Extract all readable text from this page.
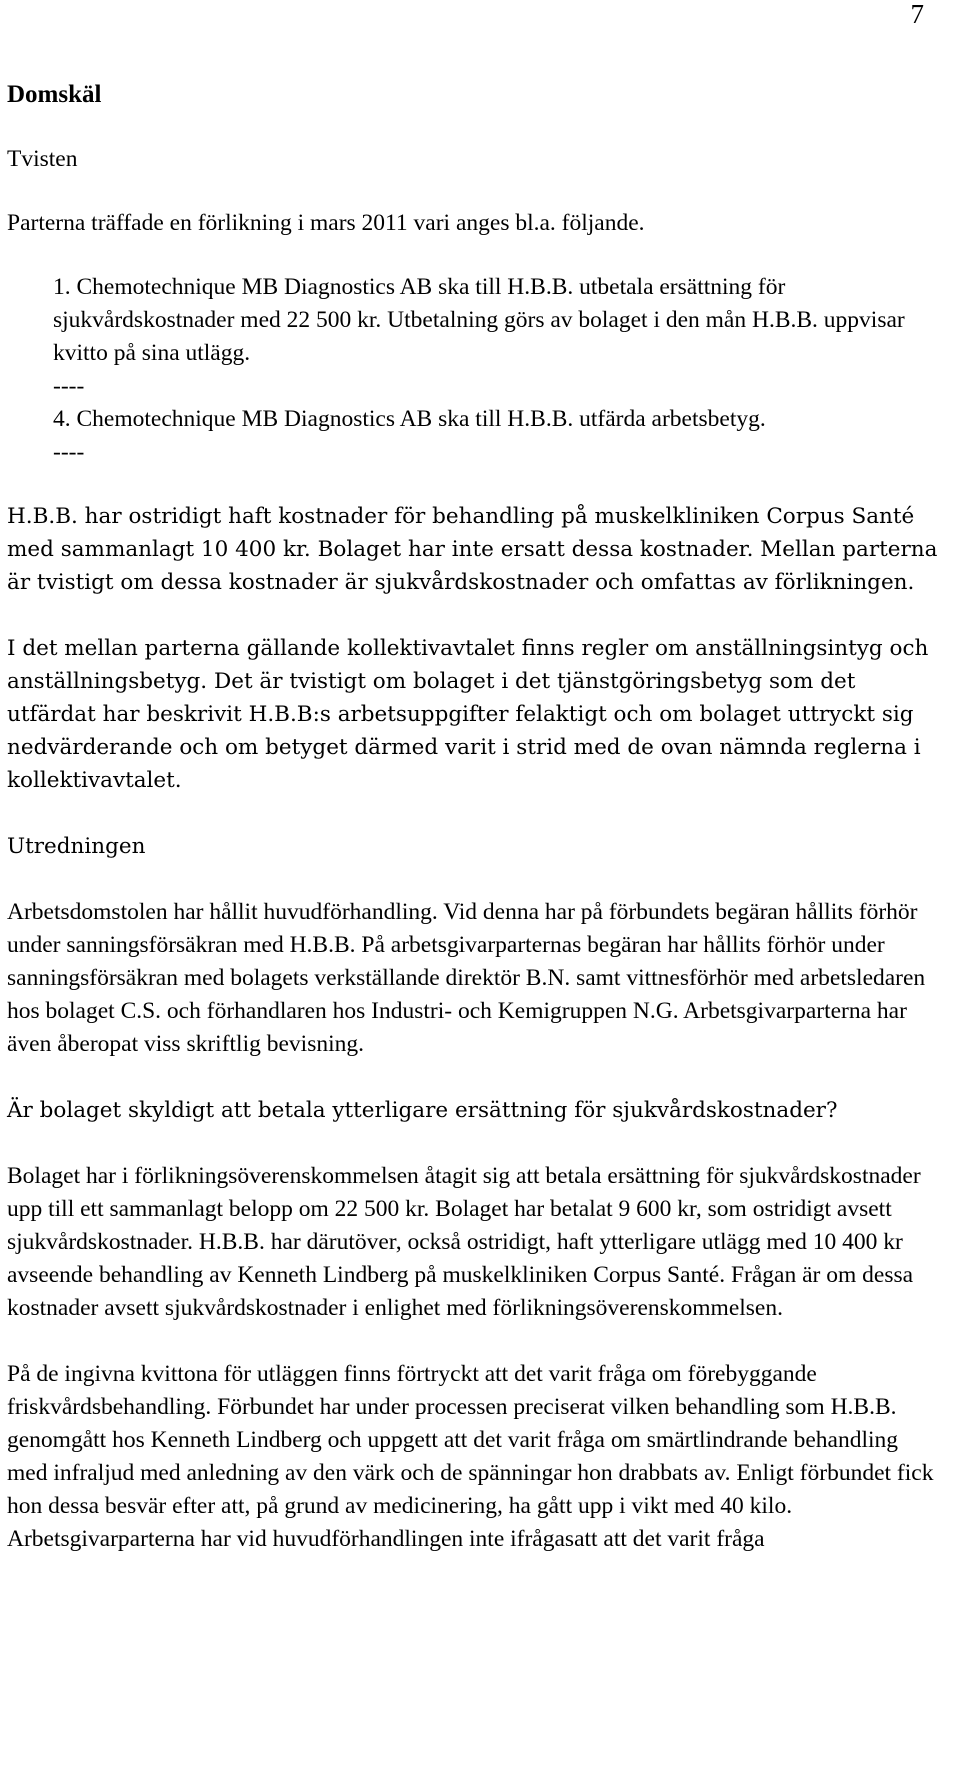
7

Domskäl

Tvisten

Parterna träffade en förlikning i mars 2011 vari anges bl.a. följande.

1. Chemotechnique MB Diagnostics AB ska till H.B.B. utbetala ersättning för sjukvårdskostnader med 22 500 kr. Utbetalning görs av bolaget i den mån H.B.B. uppvisar kvitto på sina utlägg.

----

4. Chemotechnique MB Diagnostics AB ska till H.B.B. utfärda arbetsbetyg.

----

H.B.B. har ostridigt haft kostnader för behandling på muskelkliniken Corpus Santé med sammanlagt 10 400 kr. Bolaget har inte ersatt dessa kostnader. Mellan parterna är tvistigt om dessa kostnader är sjukvårdskostnader och omfattas av förlikningen.

I det mellan parterna gällande kollektivavtalet finns regler om anställningsintyg och anställningsbetyg. Det är tvistigt om bolaget i det tjänstgöringsbetyg som det utfärdat har beskrivit H.B.B:s arbetsuppgifter felaktigt och om bolaget uttryckt sig nedvärderande och om betyget därmed varit i strid med de ovan nämnda reglerna i kollektivavtalet.

Utredningen

Arbetsdomstolen har hållit huvudförhandling. Vid denna har på förbundets begäran hållits förhör under sanningsförsäkran med H.B.B. På arbetsgivarparternas begäran har hållits förhör under sanningsförsäkran med bolagets verkställande direktör B.N. samt vittnesförhör med arbetsledaren hos bolaget C.S. och förhandlaren hos Industri- och Kemigruppen N.G. Arbetsgivarparterna har även åberopat viss skriftlig bevisning.

Är bolaget skyldigt att betala ytterligare ersättning för sjukvårdskostnader?

Bolaget har i förlikningsöverenskommelsen åtagit sig att betala ersättning för sjukvårdskostnader upp till ett sammanlagt belopp om 22 500 kr. Bolaget har betalat 9 600 kr, som ostridigt avsett sjukvårdskostnader. H.B.B. har därutöver, också ostridigt, haft ytterligare utlägg med 10 400 kr avseende behandling av Kenneth Lindberg på muskelkliniken Corpus Santé. Frågan är om dessa kostnader avsett sjukvårdskostnader i enlighet med förlikningsöverenskommelsen.

På de ingivna kvittona för utläggen finns förtryckt att det varit fråga om förebyggande friskvårdsbehandling. Förbundet har under processen preciserat vilken behandling som H.B.B. genomgått hos Kenneth Lindberg och uppgett att det varit fråga om smärtlindrande behandling med infraljud med anledning av den värk och de spänningar hon drabbats av. Enligt förbundet fick hon dessa besvär efter att, på grund av medicinering, ha gått upp i vikt med 40 kilo. Arbetsgivarparterna har vid huvudförhandlingen inte ifrågasatt att det varit fråga
